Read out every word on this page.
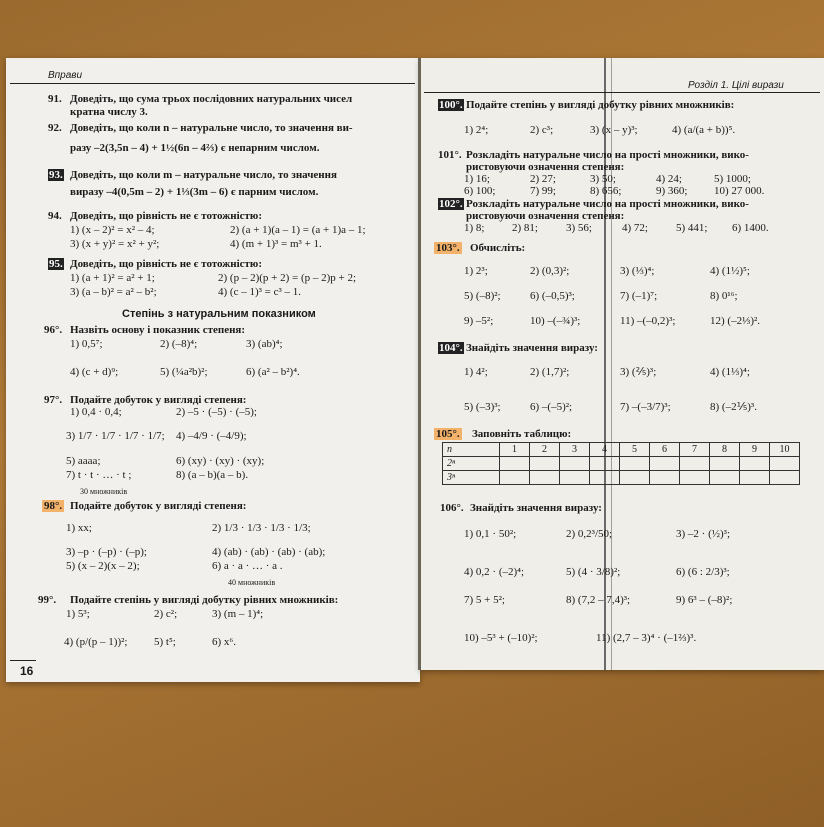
Вправи
91. Доведіть, що сума трьох послідовних натуральних чисел
кратна числу 3.
92. Доведіть, що коли n – натуральне число, то значення ви-
разу –2(3,5n – 4) + 1½(6n – 4⅔) є непарним числом.
93. Доведіть, що коли m – натуральне число, то значення
виразу –4(0,5m – 2) + 1⅓(3m – 6) є парним числом.
94. Доведіть, що рівність не є тотожністю:
1) (x – 2)² = x² – 4;	2) (a + 1)(a – 1) = (a + 1)a – 1;
3) (x + y)² = x² + y²;	4) (m + 1)³ = m³ + 1.
95. Доведіть, що рівність не є тотожністю:
1) (a + 1)² = a² + 1;	2) (p – 2)(p + 2) = (p – 2)p + 2;
3) (a – b)² = a² – b²;	4) (c – 1)³ = c³ – 1.
Степінь з натуральним показником
96°. Назвіть основу і показник степеня:
1) 0,5⁷;	2) (–8)⁴;	3) (ab)⁴;
4) (c + d)⁹;	5) (¼a²b)²;	6) (a² – b²)⁴.
97°. Подайте добуток у вигляді степеня:
1) 0,4 · 0,4;	2) –5 · (–5) · (–5);
3) 1/7 · 1/7 · 1/7 · 1/7; 4) –4/9 · (–4/9);
5) aaaa;	6) (xy) · (xy) · (xy);
7) t · t · … · t ;
30 множників
8) (a – b)(a – b).
98°. Подайте добуток у вигляді степеня:
1) xx;	2) 1/3 · 1/3 · 1/3 · 1/3;
3) –p · (–p) · (–p);	4) (ab) · (ab) · (ab) · (ab);
5) (x – 2)(x – 2);	6) a · a · … · a .
40 множників
99°. Подайте степінь у вигляді добутку рівних множників:
1) 5³;	2) c²;	3) (m – 1)⁴;
4) (p/(p – 1))²; 5) t⁵;	6) x⁶.
16
Розділ 1. Цілі вирази
100°. Подайте степінь у вигляді добутку рівних множників:
1) 2⁴;	2) c³;	3) (x – y)³;	4) (a/(a + b))⁵.
101°. Розкладіть натуральне число на прості множники, вико-
ристовуючи означення степеня:
1) 16;	2) 27;	3) 50;	4) 24;	5) 1000;
6) 100;	7) 99;	8) 656;	9) 360; 10) 27 000.
102°. Розкладіть натуральне число на прості множники, вико-
ристовуючи означення степеня:
1) 8;	2) 81;	3) 56;	4) 72;	5) 441; 6) 1400.
103°. Обчисліть:
1) 2³;	2) (0,3)²;	3) (⅓)⁴;	4) (1½)⁵;
5) (–8)²;	6) (–0,5)³;	7) (–1)⁷;	8) 0¹⁶;
9) –5²;	10) –(–¾)³;	11) –(–0,2)³;	12) (–2⅓)².
104°. Знайдіть значення виразу:
1) 4²;	2) (1,7)²;	3) (⅖)³;	4) (1⅓)⁴;
5) (–3)³;	6) –(–5)²;	7) –(–3/7)³;	8) (–2⅕)³.
105°. Заповніть таблицю:
n	1	2	3	4	5	6	7	8	9	10
2ⁿ										
3ⁿ										
106°. Знайдіть значення виразу:
1) 0,1 · 50²;	2) 0,2³/50;	3) –2 · (½)³;
4) 0,2 · (–2)⁴;	5) (4 · 3/8)²;	6) (6 : 2/3)³;
7) 5 + 5²;	8) (7,2 – 7,4)³;	9) 6³ – (–8)²;
10) –5³ + (–10)²;	11) (2,7 – 3)⁴ · (–1⅔)³.
